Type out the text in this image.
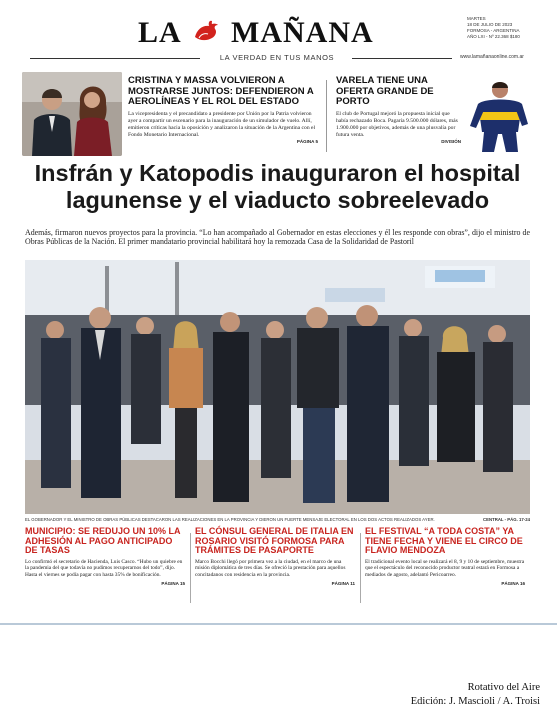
LA MAÑANA	MARTES
18 DE JULIO DE 2023
FORMOSA - ARGENTINA
AÑO LXI - Nº 22.368 $180
LA VERDAD EN TUS MANOS	www.lamañanaonline.com.ar
CRISTINA Y MASSA VOLVIERON A MOSTRARSE JUNTOS: DEFENDIERON A AEROLÍNEAS Y EL ROL DEL ESTADO
La vicepresidenta y el precandidato a presidente por Unión por la Patria volvieron ayer a compartir un escenario para la inauguración de un simulador de vuelo. Allí, emitieron críticas hacia la oposición y analizaron la situación de la Argentina con el Fondo Monetario Internacional.
PÁGINA 5
VARELA TIENE UNA OFERTA GRANDE DE PORTO
El club de Portugal mejoró la propuesta inicial que había rechazado Boca. Pagaría 9.500.000 dólares, más 1.900.000 por objetivos, además de una plusvalía por futura venta.
DIVISIÓN
Insfrán y Katopodis inauguraron el hospital
lagunense y el viaducto sobreelevado
Además, firmaron nuevos proyectos para la provincia. “Lo han acompañado al Gobernador en estas elecciones y él les responde con obras”, dijo el ministro de Obras Públicas de la Nación. El primer mandatario provincial habilitará hoy la remozada Casa de la Solidaridad de Pastoril
EL GOBERNADOR Y EL MINISTRO DE OBRAS PÚBLICAS DESTACARON LAS REALIZACIONES EN LA PROVINCIA Y DIERON UN FUERTE MENSAJE ELECTORAL EN LOS DOS ACTOS REALIZADOS AYER.	CENTRAL - PÁG. 17-24
MUNICIPIO: SE REDUJO UN 10% LA ADHESIÓN AL PAGO ANTICIPADO DE TASAS
Lo confirmó el secretario de Hacienda, Luis Casco. “Hubo un quiebre en la pandemia del que todavía no pudimos recuperarnos del todo”, dijo. Hasta el viernes se podía pagar con hasta 35% de bonificación.
PÁGINA 15
EL CÓNSUL GENERAL DE ITALIA EN ROSARIO VISITÓ FORMOSA PARA TRÁMITES DE PASAPORTE
Marco Bocchi llegó por primera vez a la ciudad, en el marco de una misión diplomática de tres días. Se ofreció la prestación para aquellos concitadanos con residencia en la provincia.
PÁGINA 11
EL FESTIVAL “A TODA COSTA” YA TIENE FECHA Y VIENE EL CIRCO DE FLAVIO MENDOZA
El tradicional evento local se realizará el 8, 9 y 10 de septiembre, muestra que el espectáculo del reconocido productor teatral estará en Formosa a mediados de agosto, adelantó Pericoarreo.
PÁGINA 16
Rotativo del Aire
Edición: J. Mascioli / A. Troisi
